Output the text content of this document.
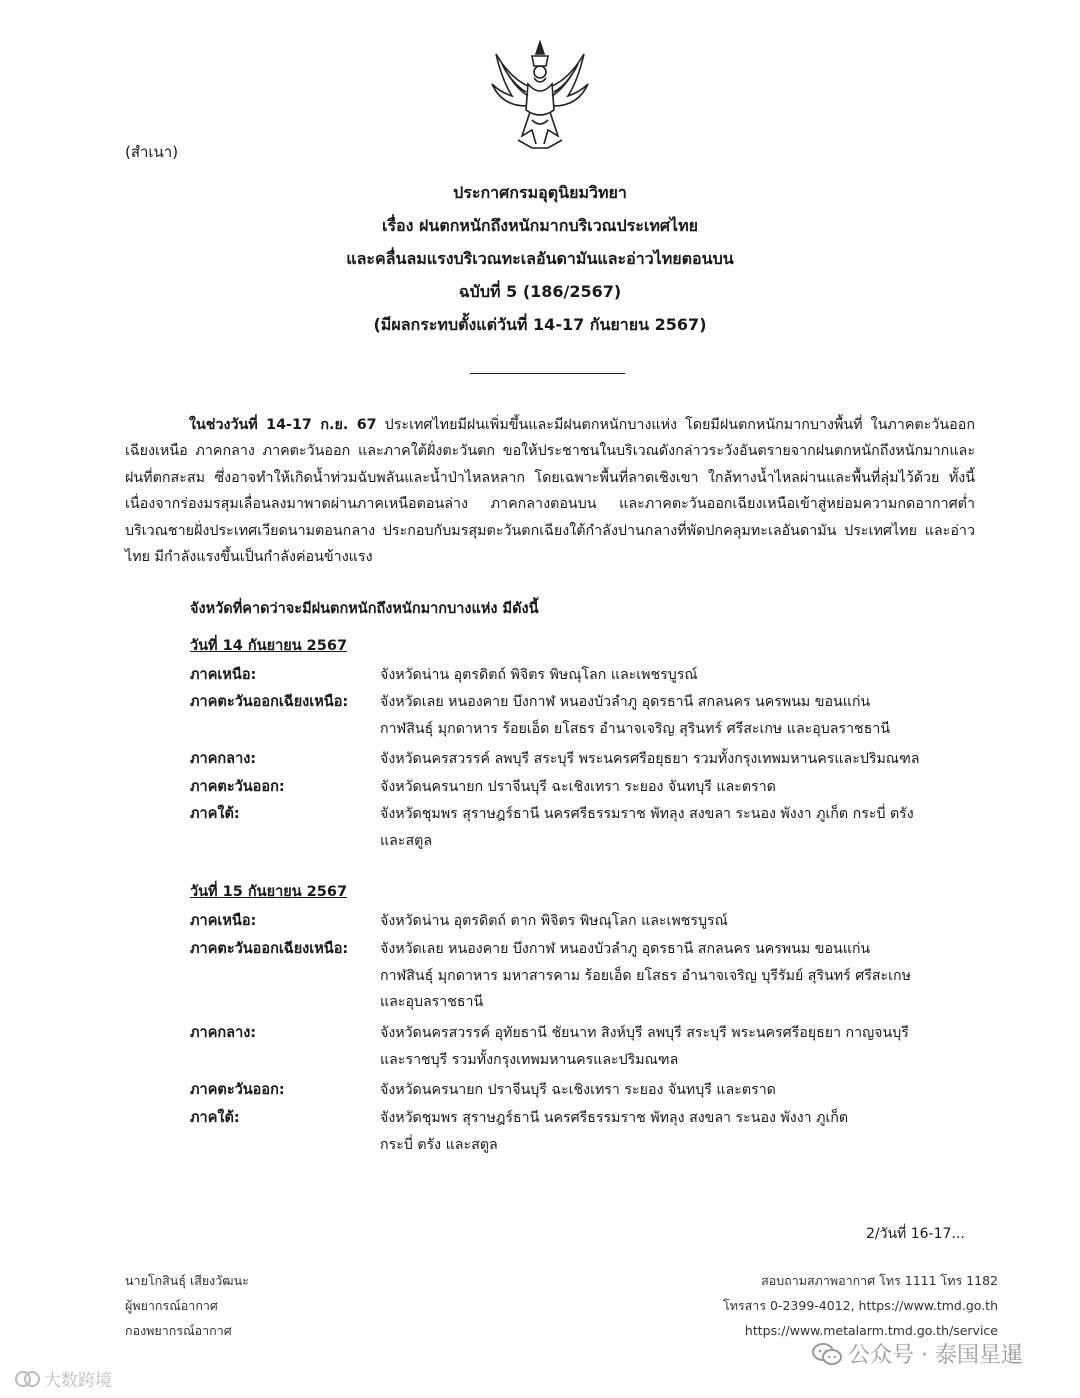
(สำเนา)
ประกาศกรมอุตุนิยมวิทยา
เรื่อง ฝนตกหนักถึงหนักมากบริเวณประเทศไทย
และคลื่นลมแรงบริเวณทะเลอันดามันและอ่าวไทยตอนบน
ฉบับที่ 5 (186/2567)
(มีผลกระทบตั้งแต่วันที่ 14-17 กันยายน 2567)
ในช่วงวันที่ 14-17 ก.ย. 67 ประเทศไทยมีฝนเพิ่มขึ้นและมีฝนตกหนักบางแห่ง โดยมีฝนตกหนักมากบางพื้นที่ ในภาคตะวันออกเฉียงเหนือ ภาคกลาง ภาคตะวันออก และภาคใต้ฝั่งตะวันตก ขอให้ประชาชนในบริเวณดังกล่าวระวังอันตรายจากฝนตกหนักถึงหนักมากและฝนที่ตกสะสม ซึ่งอาจทำให้เกิดน้ำท่วมฉับพลันและน้ำป่าไหลหลาก โดยเฉพาะพื้นที่ลาดเชิงเขา ใกล้ทางน้ำไหลผ่านและพื้นที่ลุ่มไว้ด้วย ทั้งนี้เนื่องจากร่องมรสุมเลื่อนลงมาพาดผ่านภาคเหนือตอนล่าง ภาคกลางตอนบน และภาคตะวันออกเฉียงเหนือเข้าสู่หย่อมความกดอากาศต่ำบริเวณชายฝั่งประเทศเวียดนามตอนกลาง ประกอบกับมรสุมตะวันตกเฉียงใต้กำลังปานกลางที่พัดปกคลุมทะเลอันดามัน ประเทศไทย และอ่าวไทย มีกำลังแรงขึ้นเป็นกำลังค่อนข้างแรง
จังหวัดที่คาดว่าจะมีฝนตกหนักถึงหนักมากบางแห่ง มีดังนี้
วันที่ 14 กันยายน 2567
ภาคเหนือ:	จังหวัดน่าน อุตรดิตถ์ พิจิตร พิษณุโลก และเพชรบูรณ์
ภาคตะวันออกเฉียงเหนือ:	จังหวัดเลย หนองคาย บึงกาฬ หนองบัวลำภู อุดรธานี สกลนคร นครพนม ขอนแก่น
กาฬสินธุ์ มุกดาหาร ร้อยเอ็ด ยโสธร อำนาจเจริญ สุรินทร์ ศรีสะเกษ และอุบลราชธานี
ภาคกลาง:	จังหวัดนครสวรรค์ ลพบุรี สระบุรี พระนครศรีอยุธยา รวมทั้งกรุงเทพมหานครและปริมณฑล
ภาคตะวันออก:	จังหวัดนครนายก ปราจีนบุรี ฉะเชิงเทรา ระยอง จันทบุรี และตราด
ภาคใต้:	จังหวัดชุมพร สุราษฎร์ธานี นครศรีธรรมราช พัทลุง สงขลา ระนอง พังงา ภูเก็ต กระบี่ ตรัง
และสตูล
วันที่ 15 กันยายน 2567
ภาคเหนือ:	จังหวัดน่าน อุตรดิตถ์ ตาก พิจิตร พิษณุโลก และเพชรบูรณ์
ภาคตะวันออกเฉียงเหนือ:	จังหวัดเลย หนองคาย บึงกาฬ หนองบัวลำภู อุดรธานี สกลนคร นครพนม ขอนแก่น
กาฬสินธุ์ มุกดาหาร มหาสารคาม ร้อยเอ็ด ยโสธร อำนาจเจริญ บุรีรัมย์ สุรินทร์ ศรีสะเกษ
และอุบลราชธานี
ภาคกลาง:	จังหวัดนครสวรรค์ อุทัยธานี ชัยนาท สิงห์บุรี ลพบุรี สระบุรี พระนครศรีอยุธยา กาญจนบุรี
และราชบุรี รวมทั้งกรุงเทพมหานครและปริมณฑล
ภาคตะวันออก:	จังหวัดนครนายก ปราจีนบุรี ฉะเชิงเทรา ระยอง จันทบุรี และตราด
ภาคใต้:	จังหวัดชุมพร สุราษฎร์ธานี นครศรีธรรมราช พัทลุง สงขลา ระนอง พังงา ภูเก็ต
กระบี่ ตรัง และสตูล
2/วันที่ 16-17...
นายโกสินธุ์ เสียงวัฒนะ
ผู้พยากรณ์อากาศ
กองพยากรณ์อากาศ
สอบถามสภาพอากาศ โทร 1111 โทร 1182
โทรสาร 0-2399-4012, https://www.tmd.go.th
https://www.metalarm.tmd.go.th/service
大数跨境
公众号 · 泰国星暹
